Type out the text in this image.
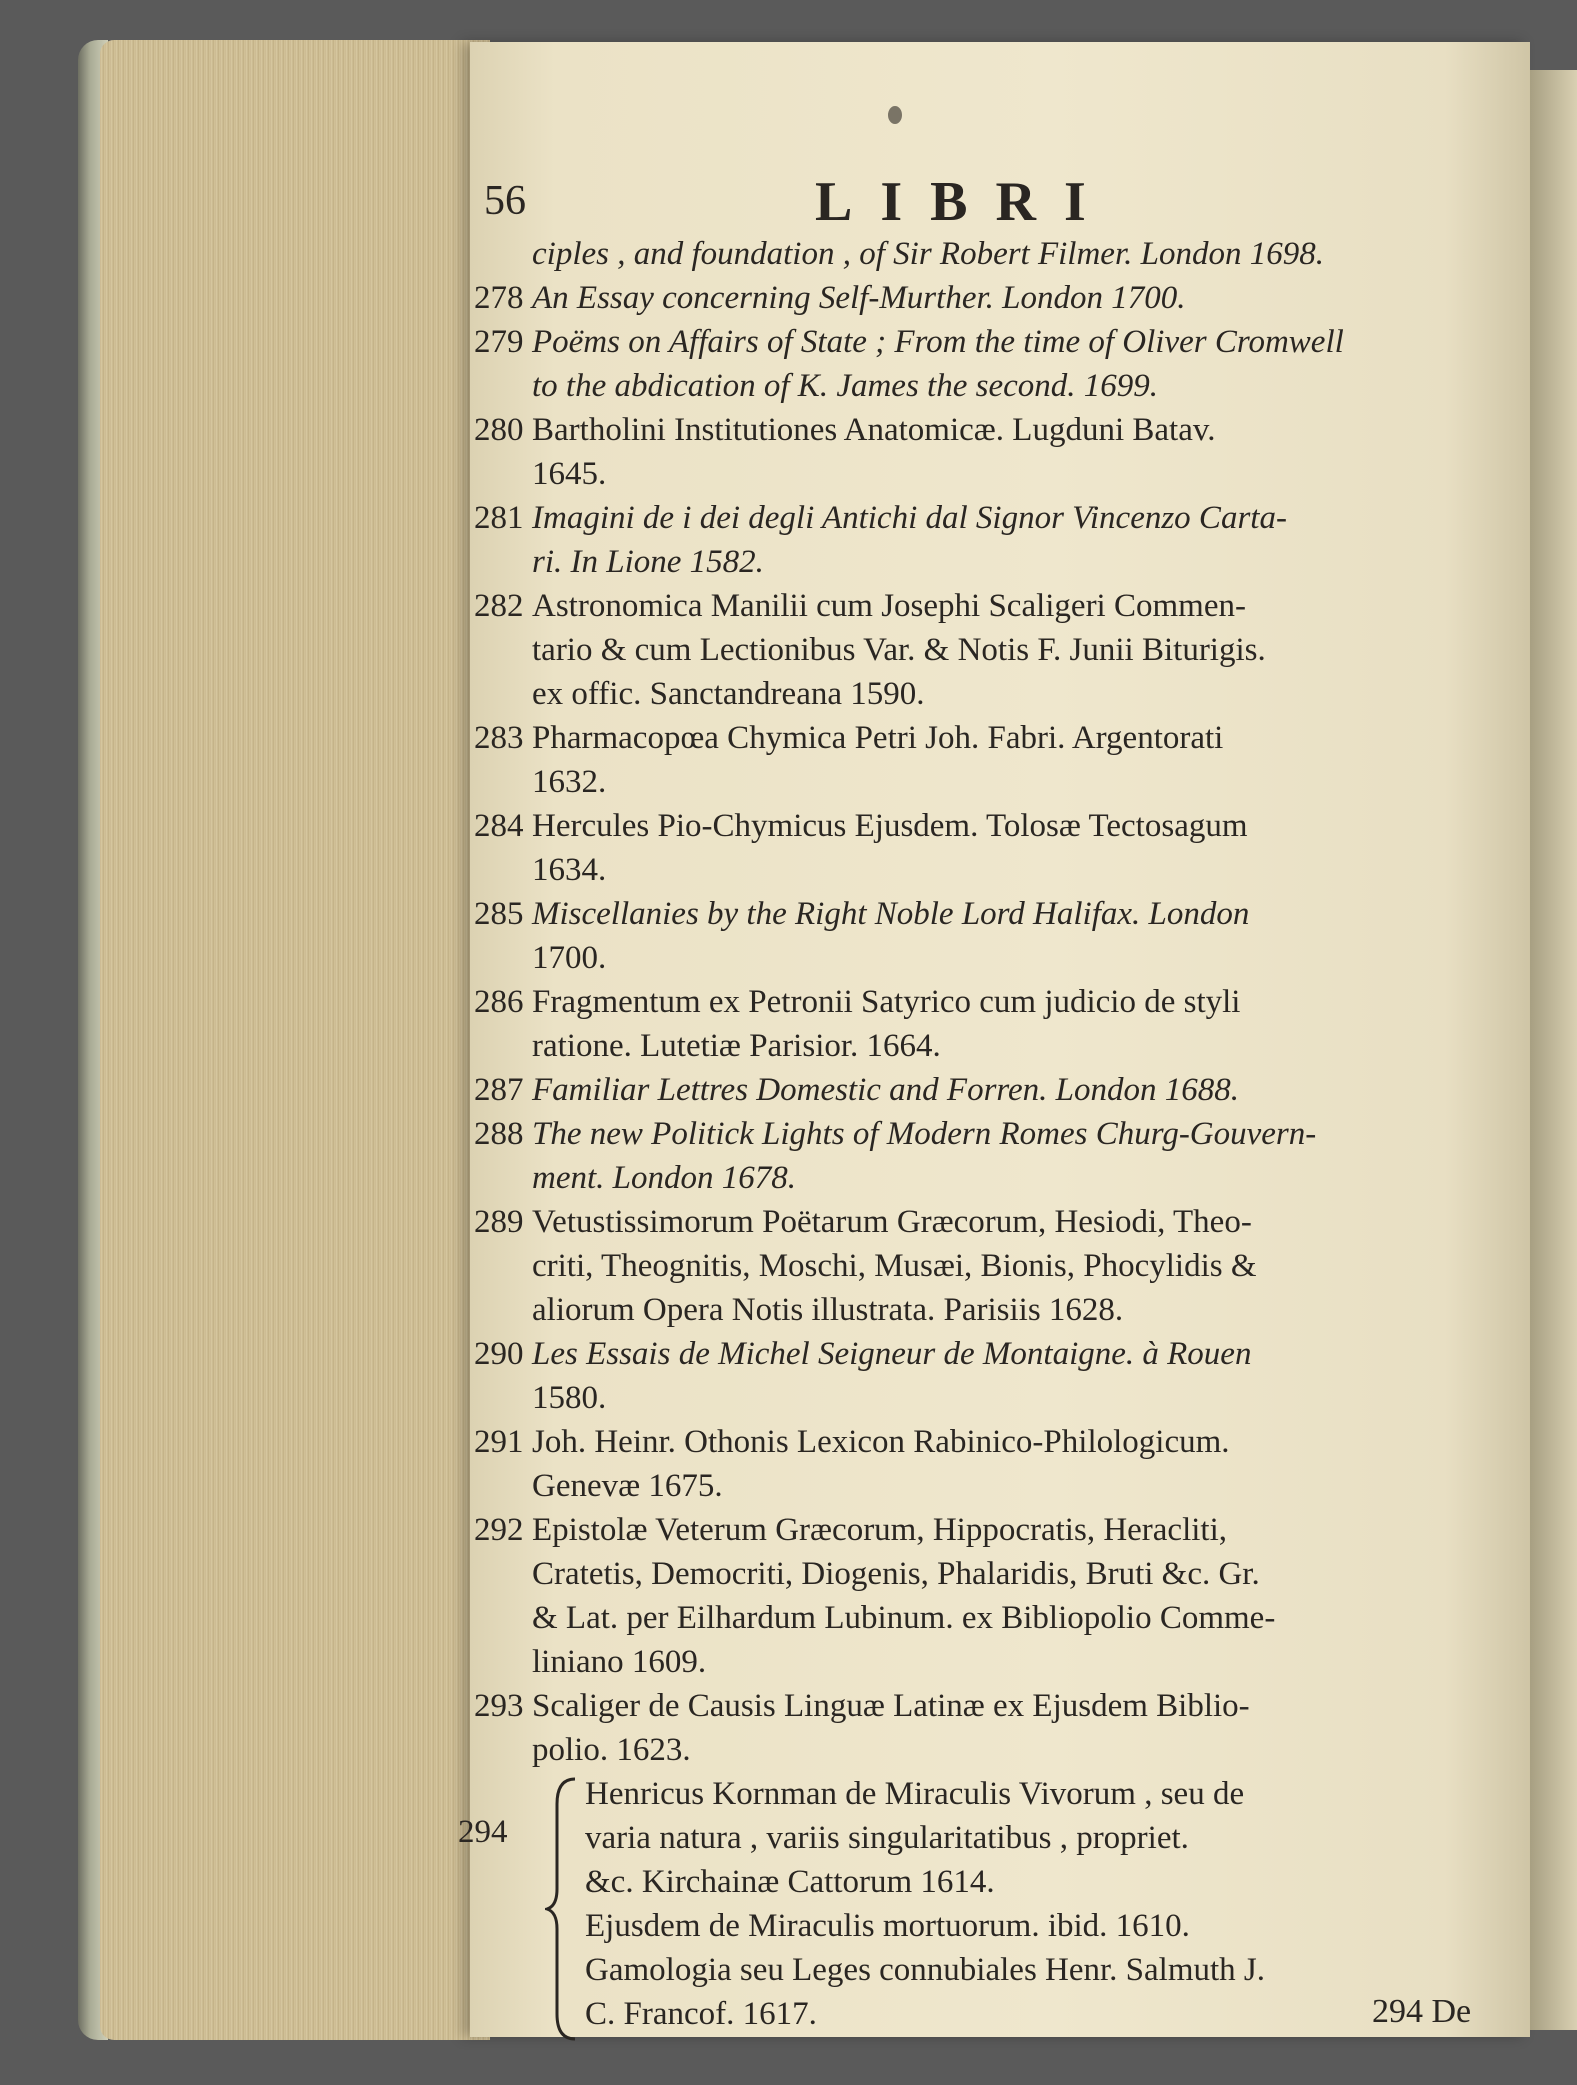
56	LIBRI
ciples , and foundation , of Sir Robert Filmer. London 1698.
278 An Essay concerning Self-Murther. London 1700.
279 Poëms on Affairs of State ; From the time of Oliver Cromwell
to the abdication of K. James the second. 1699.
280 Bartholini Institutiones Anatomicæ. Lugduni Batav.
1645.
281 Imagini de i dei degli Antichi dal Signor Vincenzo Carta-
ri. In Lione 1582.
282 Astronomica Manilii cum Josephi Scaligeri Commen-
tario & cum Lectionibus Var. & Notis F. Junii Biturigis.
ex offic. Sanctandreana 1590.
283 Pharmacopœa Chymica Petri Joh. Fabri. Argentorati
1632.
284 Hercules Pio-Chymicus Ejusdem. Tolosæ Tectosagum
1634.
285 Miscellanies by the Right Noble Lord Halifax. London
1700.
286 Fragmentum ex Petronii Satyrico cum judicio de styli
ratione. Lutetiæ Parisior. 1664.
287 Familiar Lettres Domestic and Forren. London 1688.
288 The new Politick Lights of Modern Romes Churg-Gouvern-
ment. London 1678.
289 Vetustissimorum Poëtarum Græcorum, Hesiodi, Theo-
criti, Theognitis, Moschi, Musæi, Bionis, Phocylidis &
aliorum Opera Notis illustrata. Parisiis 1628.
290 Les Essais de Michel Seigneur de Montaigne. à Rouen
1580.
291 Joh. Heinr. Othonis Lexicon Rabinico-Philologicum.
Genevæ 1675.
292 Epistolæ Veterum Græcorum, Hippocratis, Heracliti,
Cratetis, Democriti, Diogenis, Phalaridis, Bruti &c. Gr.
& Lat. per Eilhardum Lubinum. ex Bibliopolio Comme-
liniano 1609.
293 Scaliger de Causis Linguæ Latinæ ex Ejusdem Biblio-
polio. 1623.
294
Henricus Kornman de Miraculis Vivorum , seu de
varia natura , variis singularitatibus , propriet.
&c. Kirchainæ Cattorum 1614.
Ejusdem de Miraculis mortuorum. ibid. 1610.
Gamologia seu Leges connubiales Henr. Salmuth J.
C. Francof. 1617.	294 De
